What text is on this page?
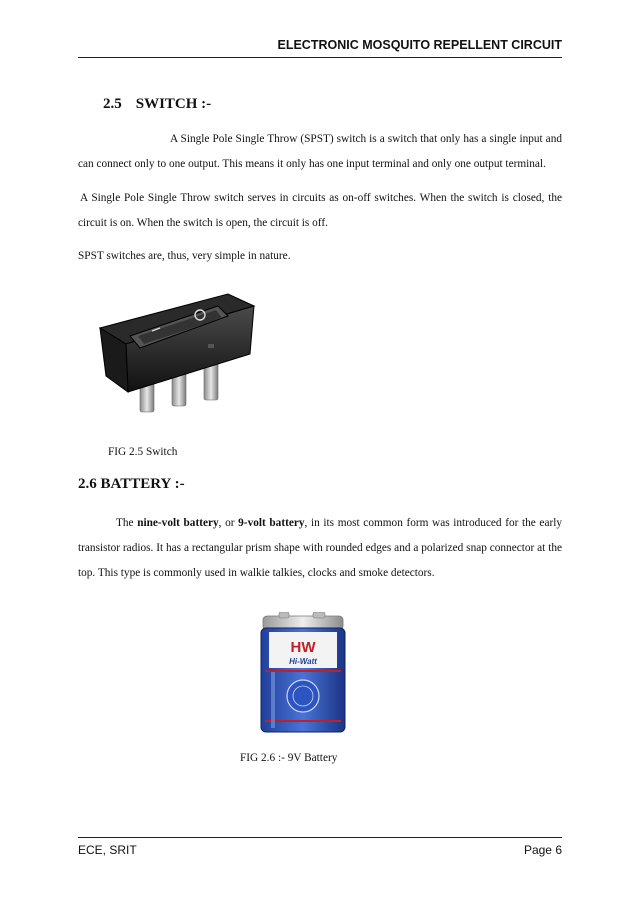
ELECTRONIC MOSQUITO REPELLENT CIRCUIT
2.5 SWITCH :-
A Single Pole Single Throw (SPST) switch is a switch that only has a single input and can connect only to one output. This means it only has one input terminal and only one output terminal.
A Single Pole Single Throw switch serves in circuits as on-off switches. When the switch is closed, the circuit is on. When the switch is open, the circuit is off.
SPST switches are, thus, very simple in nature.
FIG 2.5 Switch
2.6 BATTERY :-
The nine-volt battery, or 9-volt battery, in its most common form was introduced for the early transistor radios. It has a rectangular prism shape with rounded edges and a polarized snap connector at the top. This type is commonly used in walkie talkies, clocks and smoke detectors.
HW
Hi-Watt
FIG 2.6 :- 9V Battery
ECE, SRIT	Page 6
